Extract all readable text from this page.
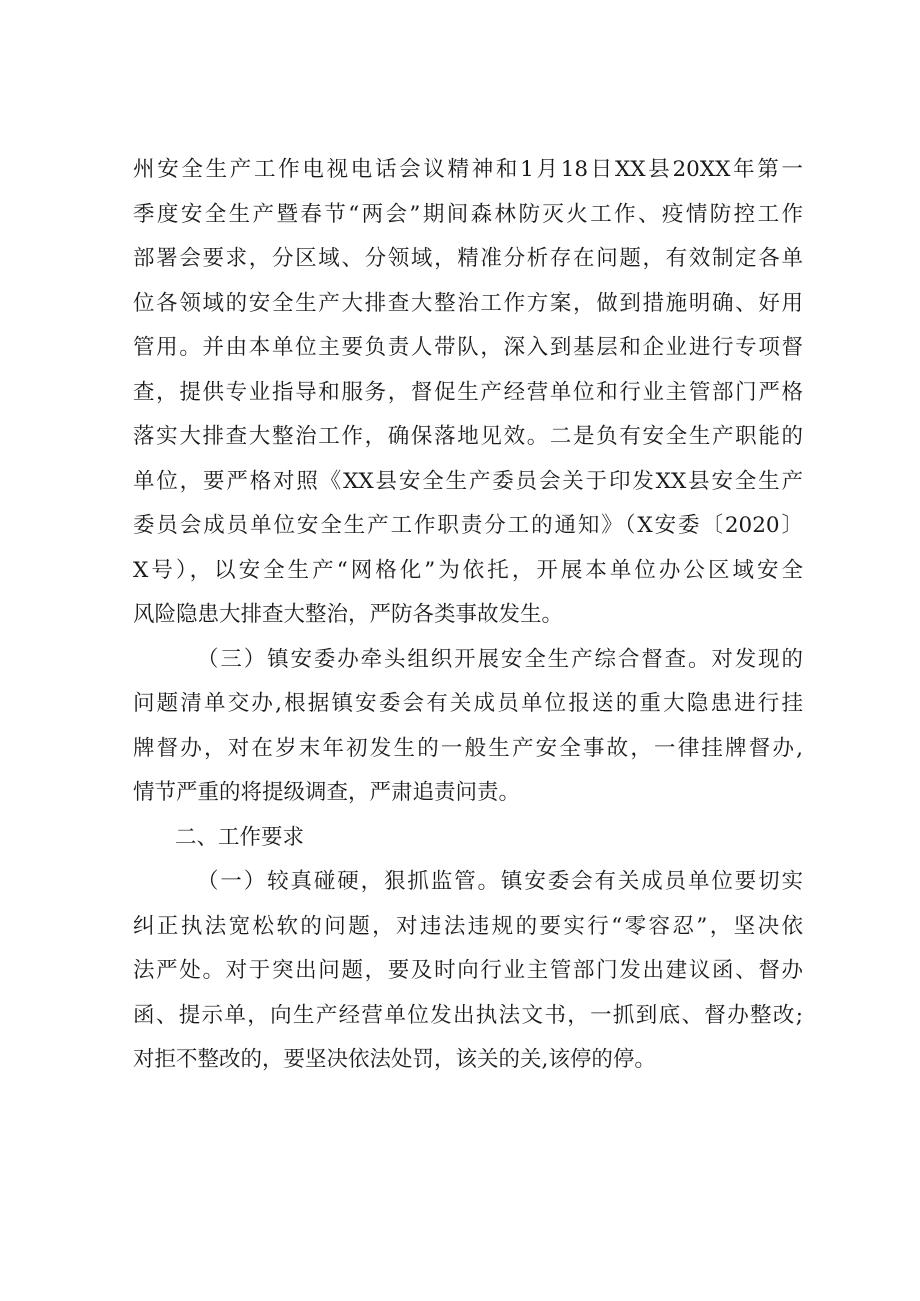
州安全生产工作电视电话会议精神和1月18日XX县20XX年第一
季度安全生产暨春节“两会”期间森林防灭火工作、疫情防控工作
部署会要求，分区域、分领域，精准分析存在问题，有效制定各单
位各领域的安全生产大排查大整治工作方案，做到措施明确、好用
管用。并由本单位主要负责人带队，深入到基层和企业进行专项督
查，提供专业指导和服务，督促生产经营单位和行业主管部门严格
落实大排查大整治工作，确保落地见效。二是负有安全生产职能的
单位，要严格对照《XX县安全生产委员会关于印发XX县安全生产
委员会成员单位安全生产工作职责分工的通知》（X安委〔2020〕
X号），以安全生产“网格化”为依托，开展本单位办公区域安全
风险隐患大排查大整治，严防各类事故发生。
（三）镇安委办牵头组织开展安全生产综合督查。对发现的
问题清单交办,根据镇安委会有关成员单位报送的重大隐患进行挂
牌督办，对在岁末年初发生的一般生产安全事故，一律挂牌督办,
情节严重的将提级调查，严肃追责问责。
二、工作要求
（一）较真碰硬，狠抓监管。镇安委会有关成员单位要切实
纠正执法宽松软的问题，对违法违规的要实行“零容忍”，坚决依
法严处。对于突出问题，要及时向行业主管部门发出建议函、督办
函、提示单，向生产经营单位发出执法文书，一抓到底、督办整改;
对拒不整改的，要坚决依法处罚，该关的关,该停的停。
